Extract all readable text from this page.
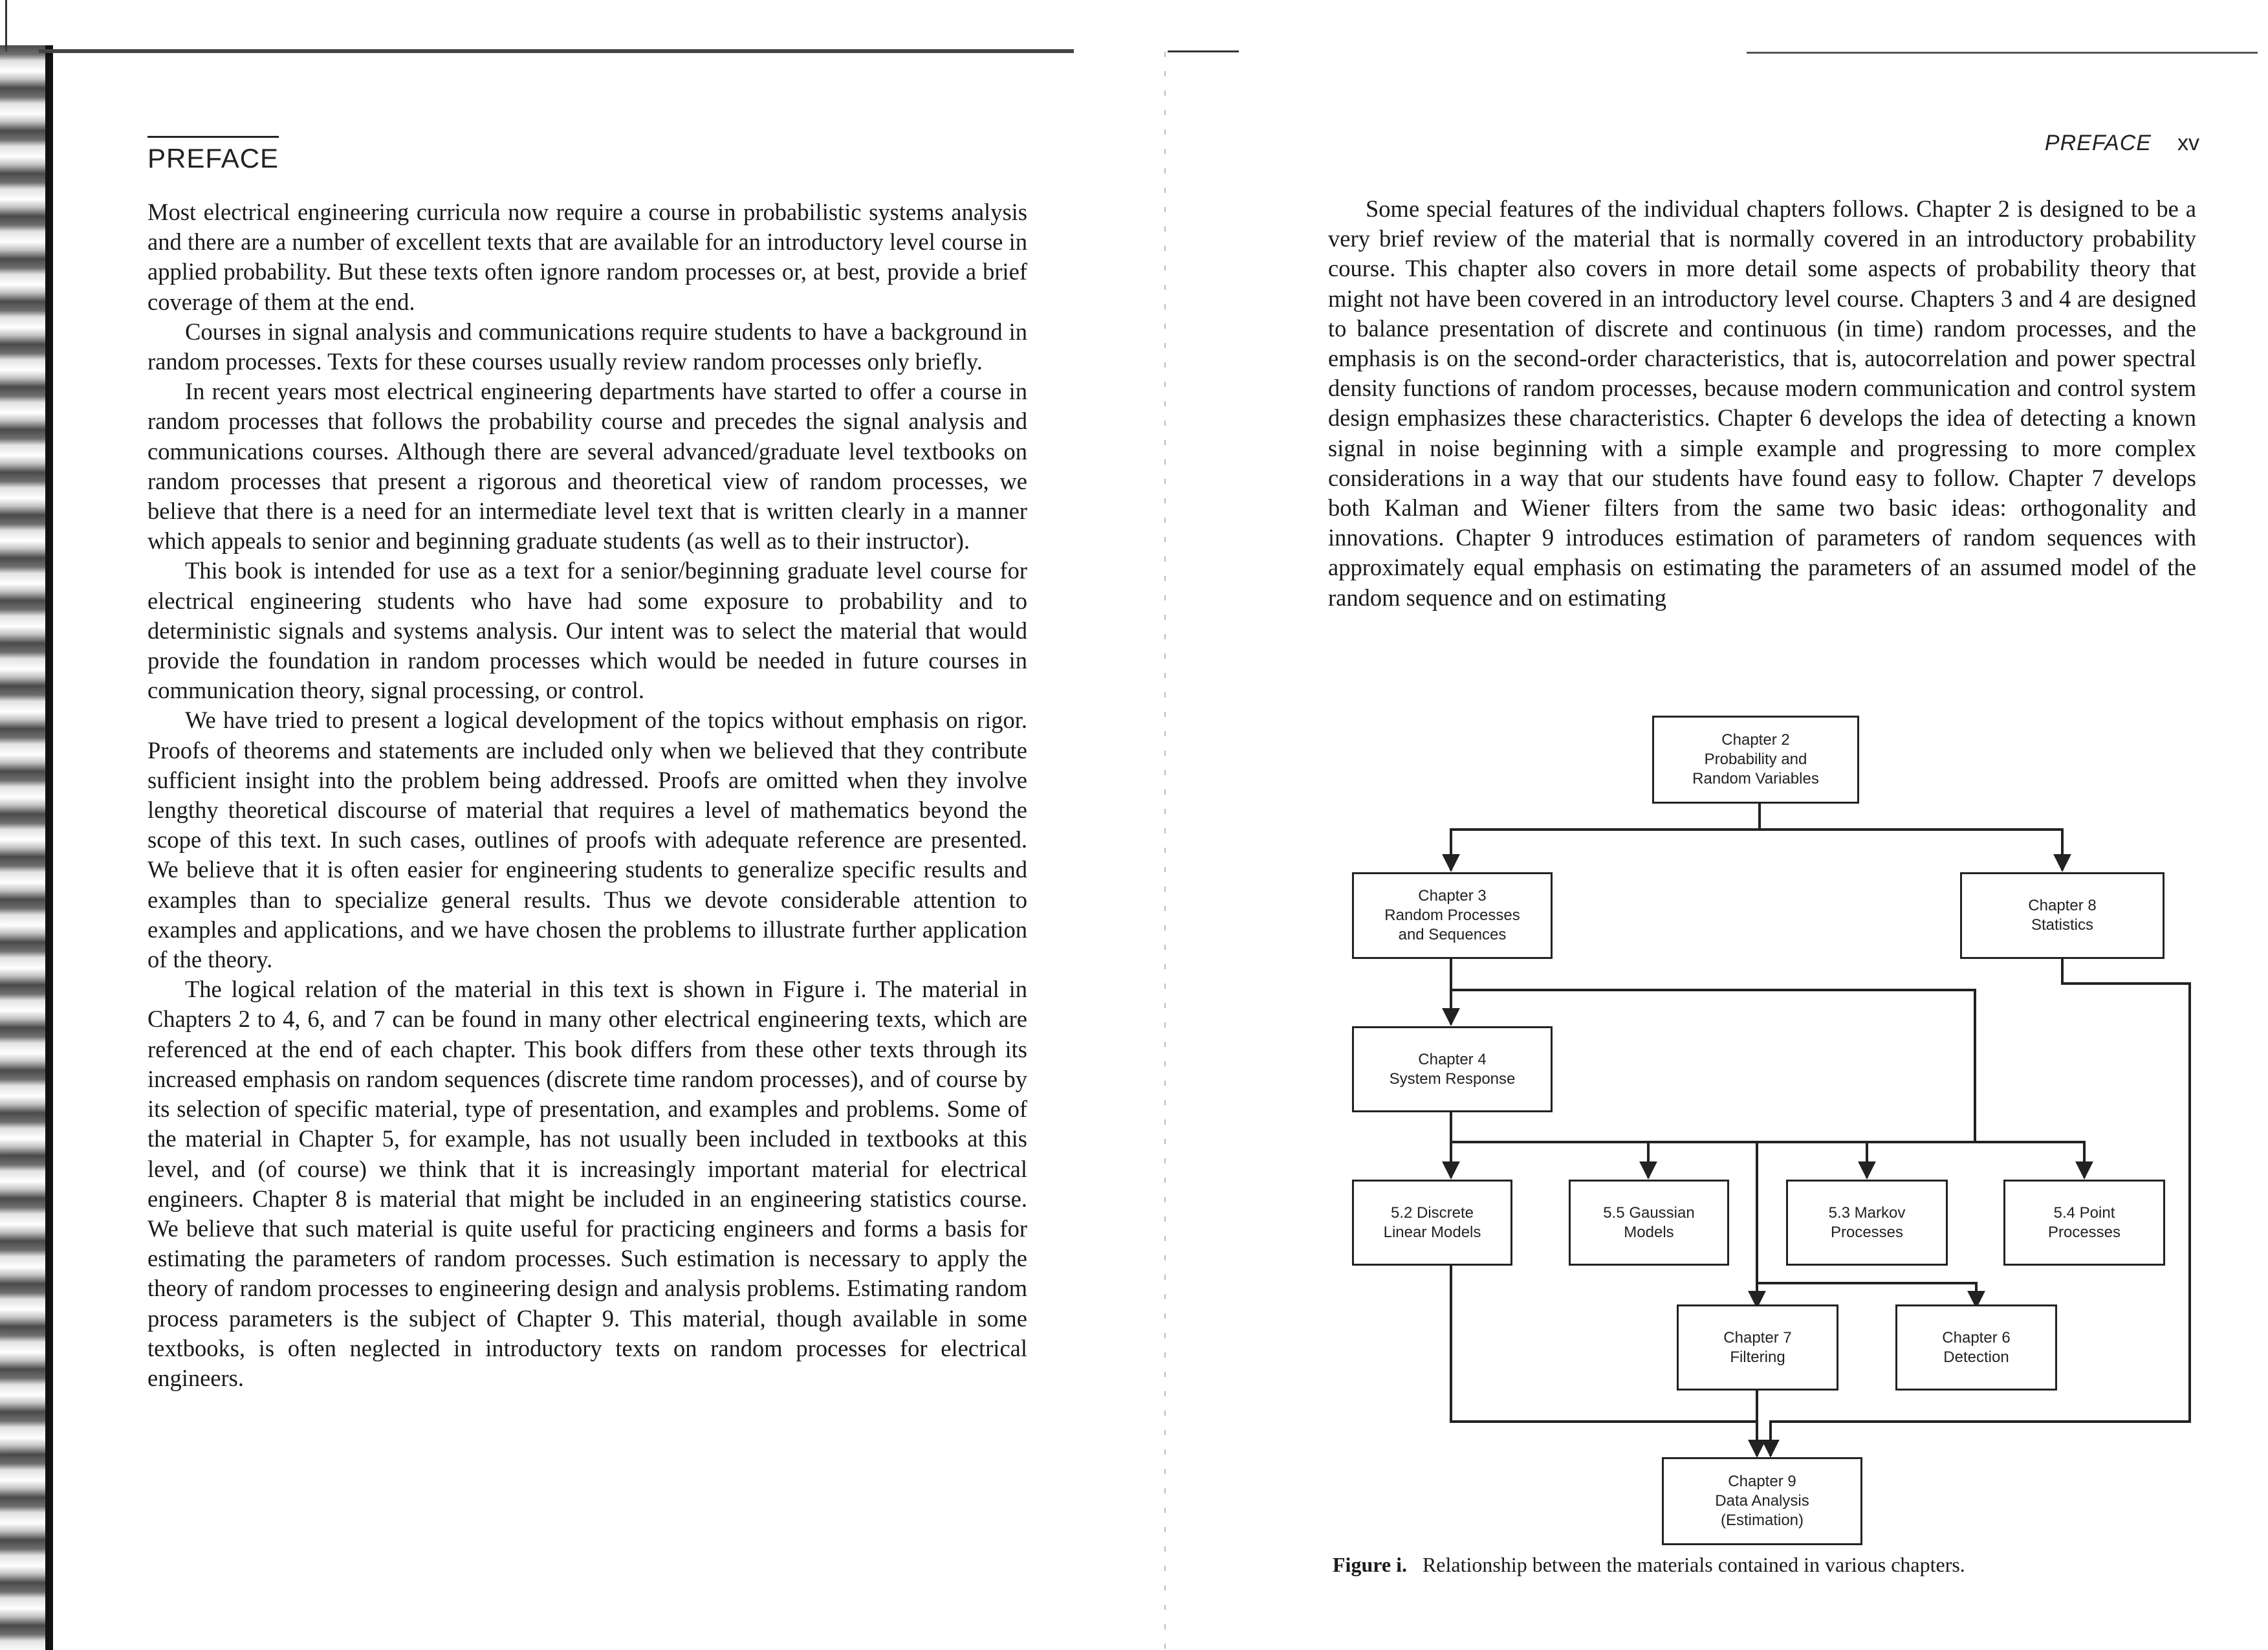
PREFACE

Most electrical engineering curricula now require a course in probabilistic systems analysis and there are a number of excellent texts that are available for an introductory level course in applied probability. But these texts often ignore random processes or, at best, provide a brief coverage of them at the end.

Courses in signal analysis and communications require students to have a background in random processes. Texts for these courses usually review random processes only briefly.

In recent years most electrical engineering departments have started to offer a course in random processes that follows the probability course and precedes the signal analysis and communications courses. Although there are several advanced/graduate level textbooks on random processes that present a rigorous and theoretical view of random processes, we believe that there is a need for an intermediate level text that is written clearly in a manner which appeals to senior and beginning graduate students (as well as to their instructor).

This book is intended for use as a text for a senior/beginning graduate level course for electrical engineering students who have had some exposure to probability and to deterministic signals and systems analysis. Our intent was to select the material that would provide the foundation in random processes which would be needed in future courses in communication theory, signal processing, or control.

We have tried to present a logical development of the topics without emphasis on rigor. Proofs of theorems and statements are included only when we believed that they contribute sufficient insight into the problem being addressed. Proofs are omitted when they involve lengthy theoretical discourse of material that requires a level of mathematics beyond the scope of this text. In such cases, outlines of proofs with adequate reference are presented. We believe that it is often easier for engineering students to generalize specific results and examples than to specialize general results. Thus we devote considerable attention to examples and applications, and we have chosen the problems to illustrate further application of the theory.

The logical relation of the material in this text is shown in Figure i. The material in Chapters 2 to 4, 6, and 7 can be found in many other electrical engineering texts, which are referenced at the end of each chapter. This book differs from these other texts through its increased emphasis on random sequences (discrete time random processes), and of course by its selection of specific material, type of presentation, and examples and problems. Some of the material in Chapter 5, for example, has not usually been included in textbooks at this level, and (of course) we think that it is increasingly important material for electrical engineers. Chapter 8 is material that might be included in an engineering statistics course. We believe that such material is quite useful for practicing engineers and forms a basis for estimating the parameters of random processes. Such estimation is necessary to apply the theory of random processes to engineering design and analysis problems. Estimating random process parameters is the subject of Chapter 9. This material, though available in some textbooks, is often neglected in introductory texts on random processes for electrical engineers.

PREFACE xv

Some special features of the individual chapters follows. Chapter 2 is designed to be a very brief review of the material that is normally covered in an introductory probability course. This chapter also covers in more detail some aspects of probability theory that might not have been covered in an introductory level course. Chapters 3 and 4 are designed to balance presentation of discrete and continuous (in time) random processes, and the emphasis is on the second-order characteristics, that is, autocorrelation and power spectral density functions of random processes, because modern communication and control system design emphasizes these characteristics. Chapter 6 develops the idea of detecting a known signal in noise beginning with a simple example and progressing to more complex considerations in a way that our students have found easy to follow. Chapter 7 develops both Kalman and Wiener filters from the same two basic ideas: orthogonality and innovations. Chapter 9 introduces estimation of parameters of random sequences with approximately equal emphasis on estimating the parameters of an assumed model of the random sequence and on estimating

Chapter 2
Probability and
Random Variables
Chapter 3
Random Processes
and Sequences
Chapter 8
Statistics
Chapter 4
System Response
5.2 Discrete
Linear Models
5.5 Gaussian
Models
5.3 Markov
Processes
5.4 Point
Processes
Chapter 7
Filtering
Chapter 6
Detection
Chapter 9
Data Analysis
(Estimation)
Figure i. Relationship between the materials contained in various chapters.
